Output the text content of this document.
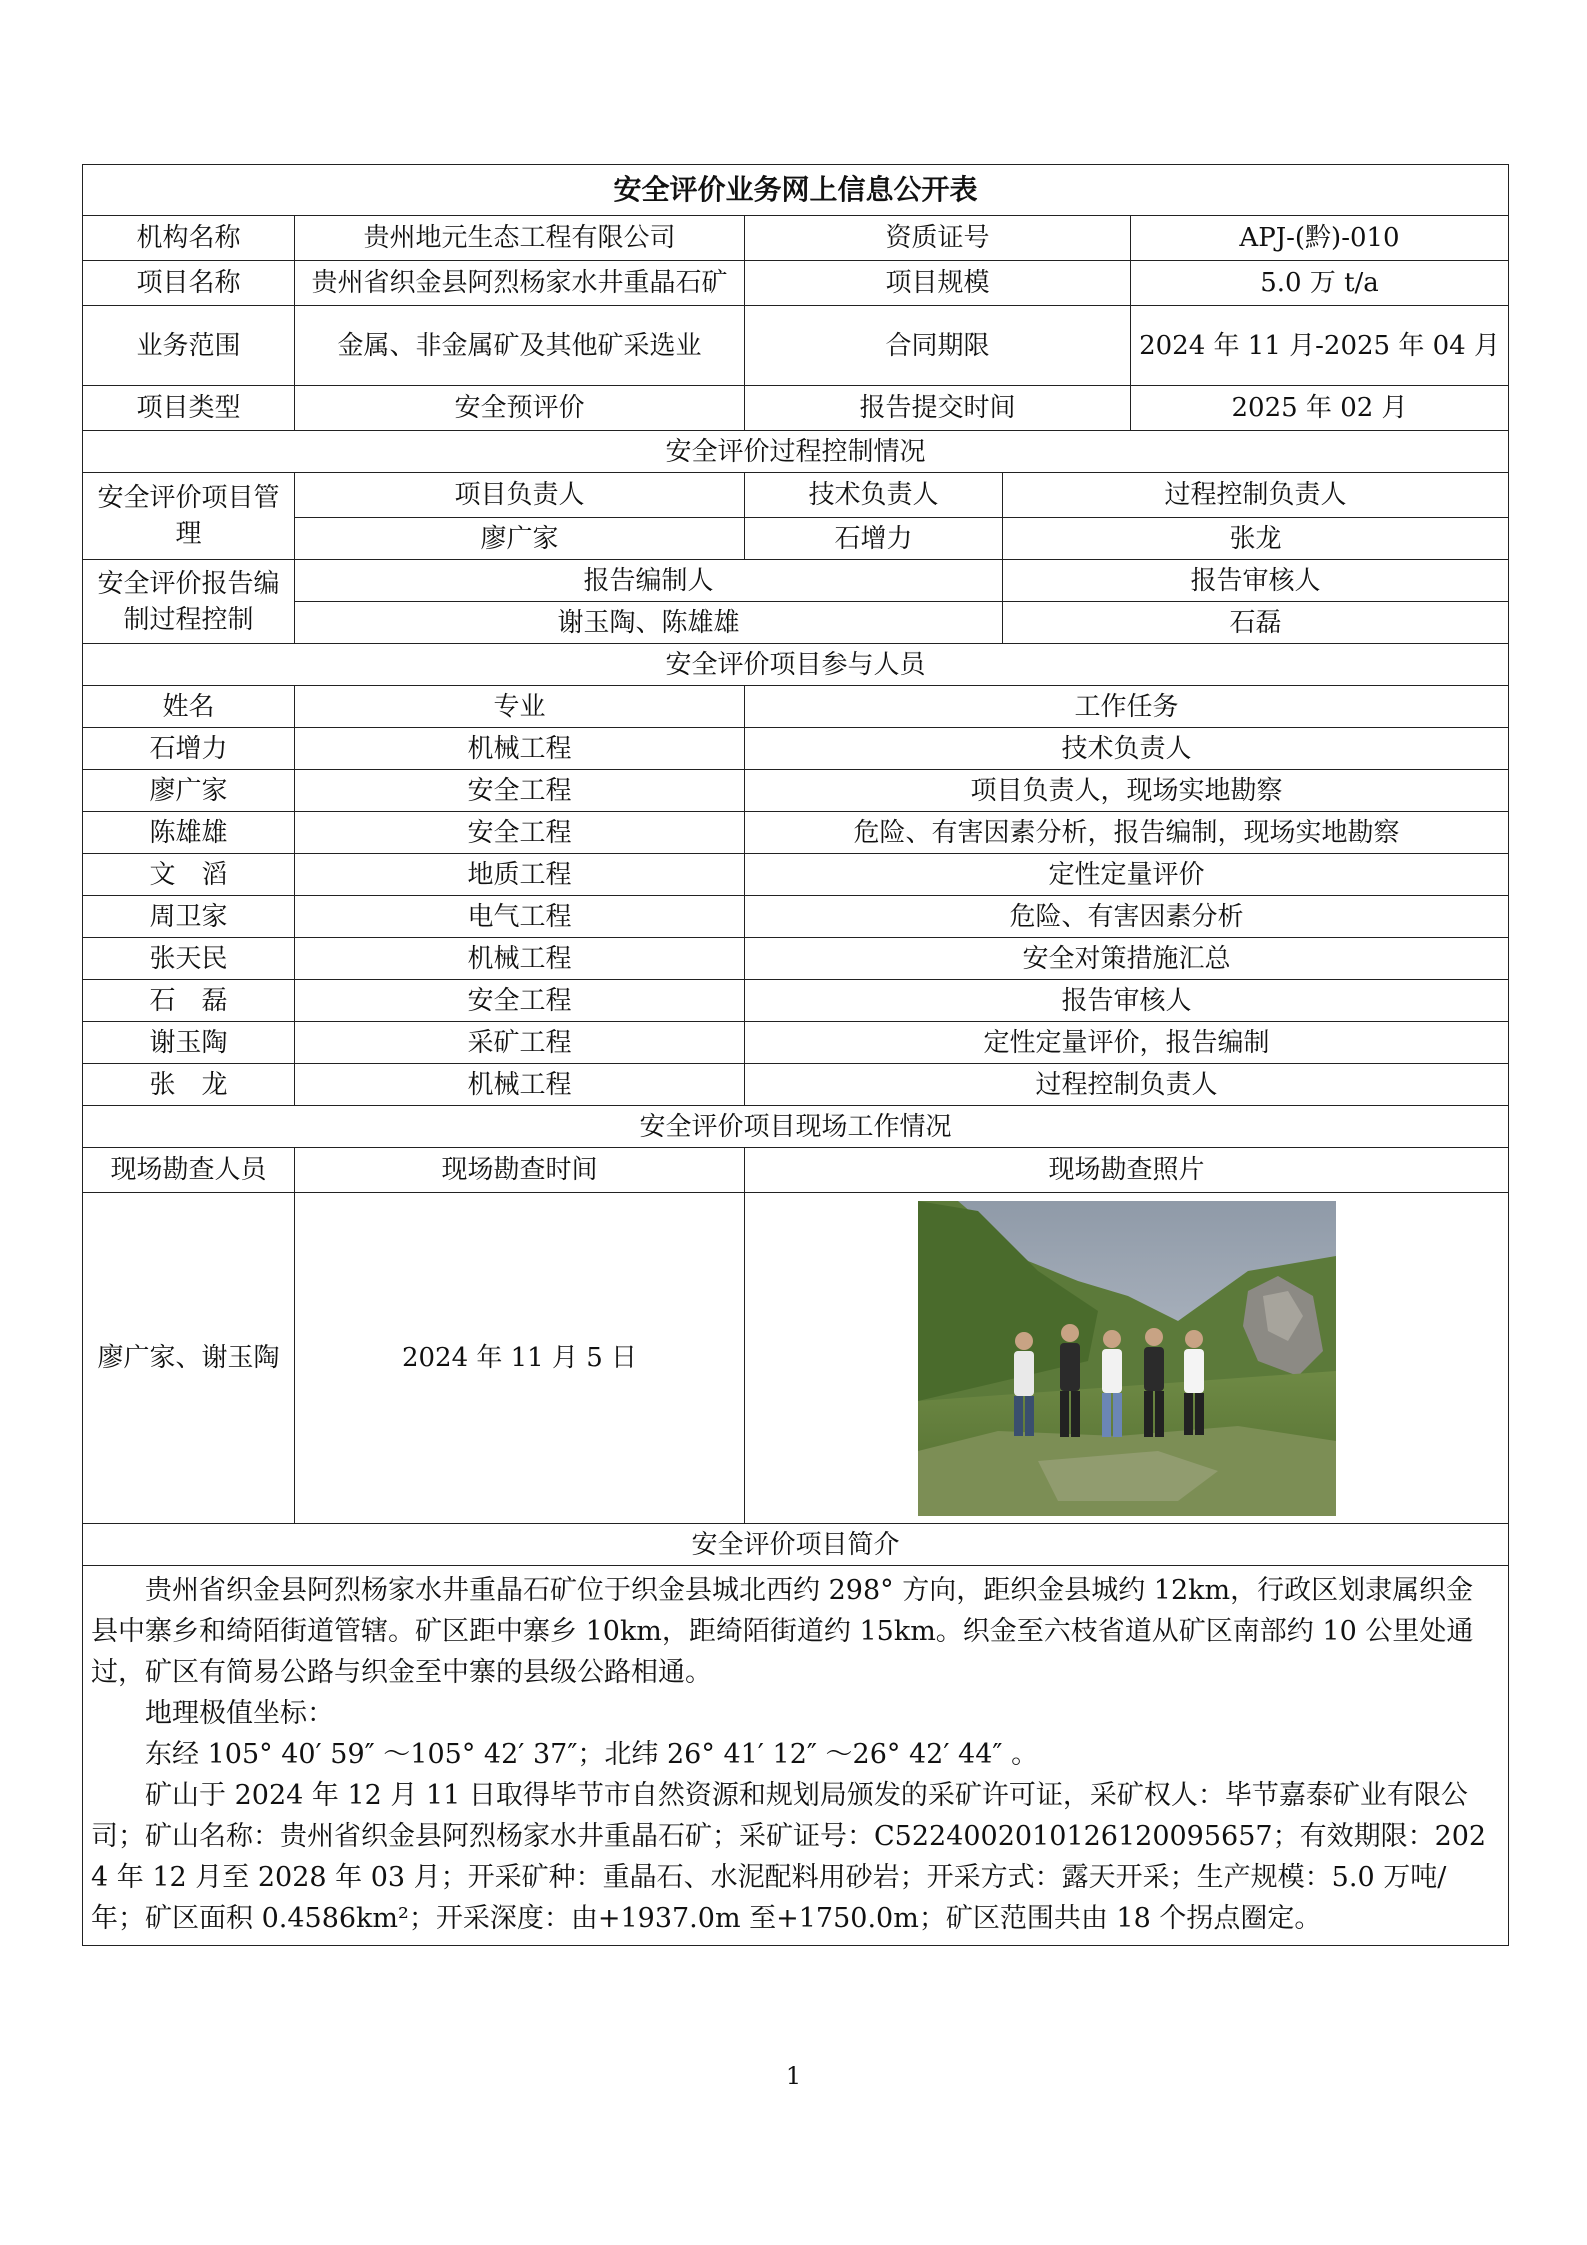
安全评价业务网上信息公开表				
机构名称	贵州地元生态工程有限公司	资质证号		APJ-(黔)-010
项目名称	贵州省织金县阿烈杨家水井重晶石矿	项目规模		5.0 万 t/a
业务范围	金属、非金属矿及其他矿采选业	合同期限		2024 年 11 月-2025 年 04 月
项目类型	安全预评价	报告提交时间		2025 年 02 月
安全评价过程控制情况				
安全评价项目管理	项目负责人	技术负责人	过程控制负责人	
	廖广家	石增力	张龙	
安全评价报告编制过程控制	报告编制人		报告审核人	
	谢玉陶、陈雄雄		石磊	
安全评价项目参与人员				
姓名	专业	工作任务		
石增力	机械工程	技术负责人		
廖广家	安全工程	项目负责人，现场实地勘察		
陈雄雄	安全工程	危险、有害因素分析，报告编制，现场实地勘察		
文　滔	地质工程	定性定量评价		
周卫家	电气工程	危险、有害因素分析		
张天民	机械工程	安全对策措施汇总		
石　磊	安全工程	报告审核人		
谢玉陶	采矿工程	定性定量评价，报告编制		
张　龙	机械工程	过程控制负责人		
安全评价项目现场工作情况				
现场勘查人员	现场勘查时间	现场勘查照片		
廖广家、谢玉陶	2024 年 11 月 5 日	

安全评价项目简介				

贵州省织金县阿烈杨家水井重晶石矿位于织金县城北西约 298° 方向，距织金县城约 12km，行政区划隶属织金县中寨乡和绮陌街道管辖。矿区距中寨乡 10km，距绮陌街道约 15km。织金至六枝省道从矿区南部约 10 公里处通过，矿区有简易公路与织金至中寨的县级公路相通。

地理极值坐标：

东经 105° 40′ 59″ ～105° 42′ 37″；北纬 26° 41′ 12″ ～26° 42′ 44″ 。

矿山于 2024 年 12 月 11 日取得毕节市自然资源和规划局颁发的采矿许可证，采矿权人：毕节嘉泰矿业有限公司；矿山名称：贵州省织金县阿烈杨家水井重晶石矿；采矿证号：C5224002010126120095657；有效期限：2024 年 12 月至 2028 年 03 月；开采矿种：重晶石、水泥配料用砂岩；开采方式：露天开采；生产规模：5.0 万吨/年；矿区面积 0.4586km²；开采深度：由+1937.0m 至+1750.0m；矿区范围共由 18 个拐点圈定。				

1
